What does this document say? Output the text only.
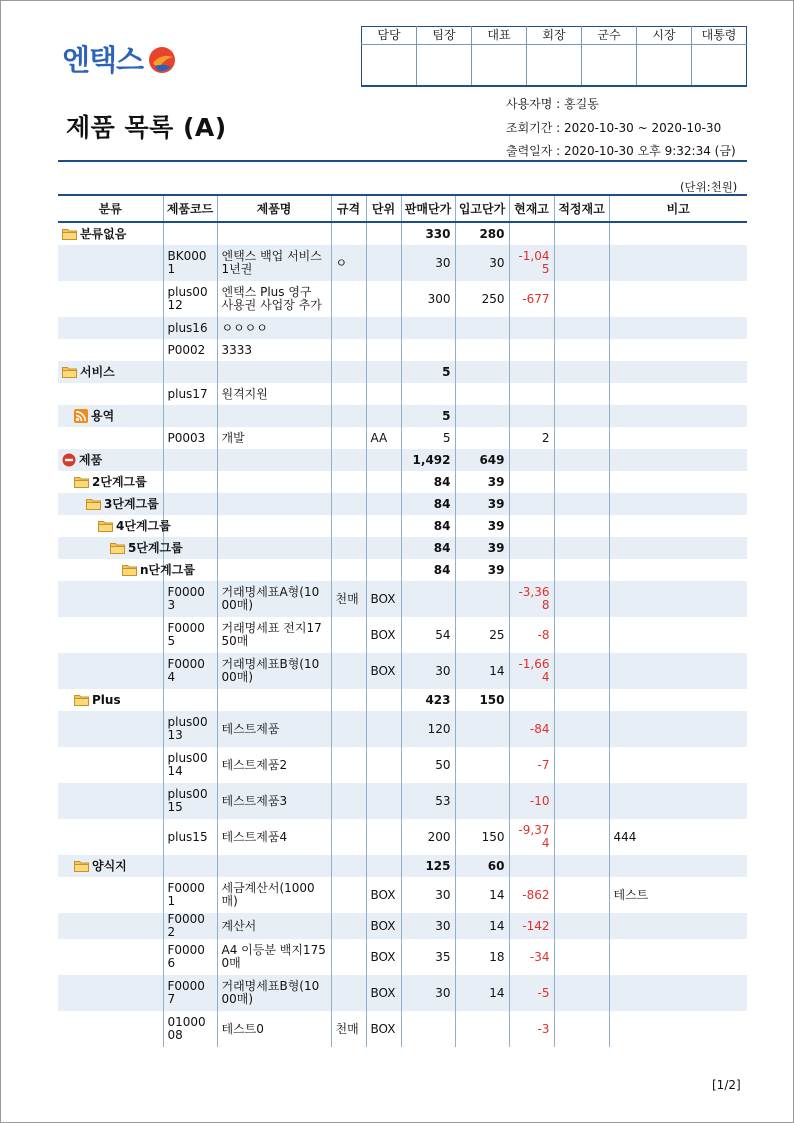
엔택스
담당	팀장	대표	회장	군수	시장	대통령

제품 목록 (A)
사용자명 : 홍길동
조회기간 : 2020-10-30 ~ 2020-10-30
출력일자 : 2020-10-30 오후 9:32:34 (금)
(단위:천원)
분류	제품코드	제품명	규격	단위	판매단가	입고단가	현재고	적정재고	비고

분류없음					330	280			
	BK0001	엔택스 백업 서비스 1년권	ㅇ		30	30	-1,045		
	plus0012	엔택스 Plus 영구 사용권 사업장 추가			300	250	-677		
	plus16	ㅇㅇㅇㅇ							
	P0002	3333							

서비스					5				
	plus17	원격지원							

용역					5				
	P0003	개발		AA	5		2		

제품					1,492	649			

2단계그룹					84	39			

3단계그룹					84	39			

4단계그룹					84	39			

5단계그룹					84	39			

n단계그룹					84	39			
	F00003	거래명세표A형(1000매)	천매	BOX			-3,368		
	F00005	거래명세표 전지1750매		BOX	54	25	-8		
	F00004	거래명세표B형(1000매)		BOX	30	14	-1,664		

Plus					423	150			
	plus0013	테스트제품			120		-84		
	plus0014	테스트제품2			50		-7		
	plus0015	테스트제품3			53		-10		
	plus15	테스트제품4			200	150	-9,374		444

양식지					125	60			
	F00001	세금계산서(1000매)		BOX	30	14	-862		테스트
	F00002	계산서		BOX	30	14	-142		
	F00006	A4 이등분 백지1750매		BOX	35	18	-34		
	F00007	거래명세표B형(1000매)		BOX	30	14	-5		
	0100008	테스트0	천매	BOX			-3		
[1/2]
